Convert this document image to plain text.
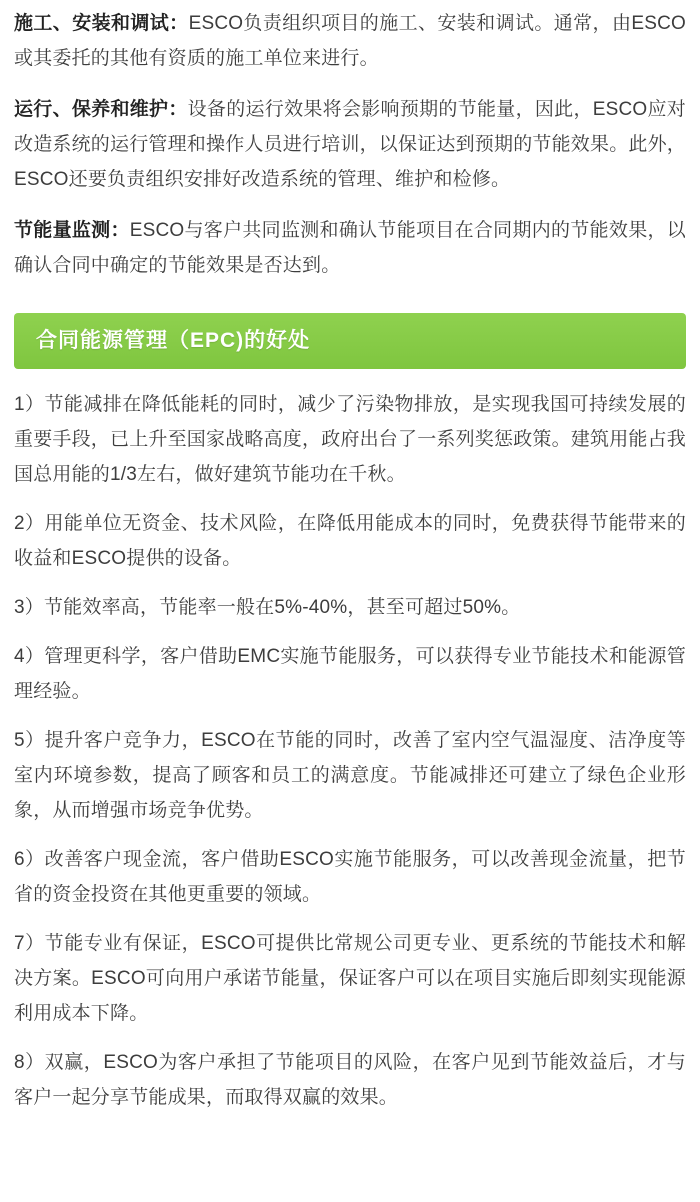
施工、安装和调试：ESCO负责组织项目的施工、安装和调试。通常，由ESCO或其委托的其他有资质的施工单位来进行。

运行、保养和维护：设备的运行效果将会影响预期的节能量，因此，ESCO应对改造系统的运行管理和操作人员进行培训，以保证达到预期的节能效果。此外，ESCO还要负责组织安排好改造系统的管理、维护和检修。

节能量监测：ESCO与客户共同监测和确认节能项目在合同期内的节能效果，以确认合同中确定的节能效果是否达到。

合同能源管理（EPC)的好处

1）节能减排在降低能耗的同时，减少了污染物排放，是实现我国可持续发展的重要手段，已上升至国家战略高度，政府出台了一系列奖惩政策。建筑用能占我国总用能的1/3左右，做好建筑节能功在千秋。

2）用能单位无资金、技术风险，在降低用能成本的同时，免费获得节能带来的收益和ESCO提供的设备。

3）节能效率高，节能率一般在5%‐40%，甚至可超过50%。

4）管理更科学，客户借助EMC实施节能服务，可以获得专业节能技术和能源管理经验。

5）提升客户竞争力，ESCO在节能的同时，改善了室内空气温湿度、洁净度等室内环境参数，提高了顾客和员工的满意度。节能减排还可建立了绿色企业形象，从而增强市场竞争优势。

6）改善客户现金流，客户借助ESCO实施节能服务，可以改善现金流量，把节省的资金投资在其他更重要的领域。

7）节能专业有保证，ESCO可提供比常规公司更专业、更系统的节能技术和解决方案。ESCO可向用户承诺节能量，保证客户可以在项目实施后即刻实现能源利用成本下降。

8）双赢，ESCO为客户承担了节能项目的风险，在客户见到节能效益后，才与客户一起分享节能成果，而取得双赢的效果。
